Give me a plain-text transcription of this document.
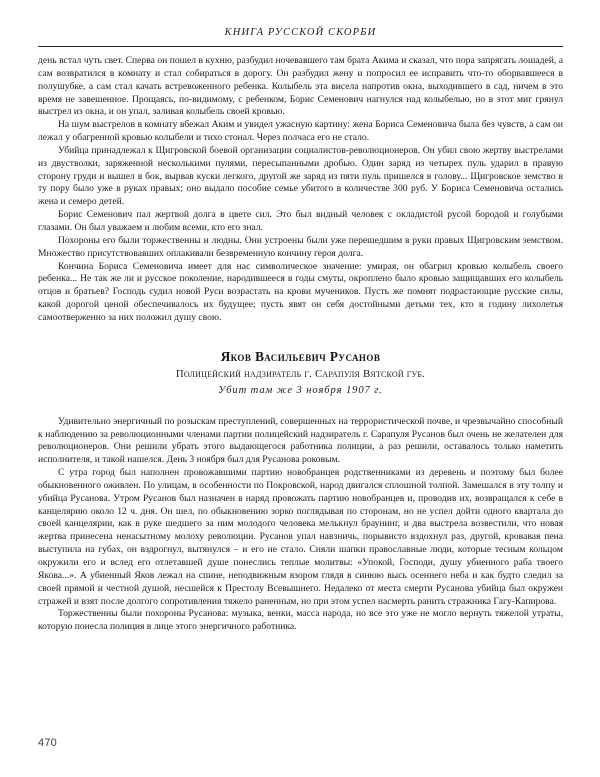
КНИГА РУССКОЙ СКОРБИ

день встал чуть свет. Сперва он пошел в кухню, разбудил ночевавшего там брата Акима и сказал, что пора запрягать лошадей, а сам возвратился в комнату и стал собираться в дорогу. Он разбудил жену и попросил ее исправить что-то оборвавшееся в полушубке, а сам стал качать встревоженного ребенка. Колыбель эта висела напротив окна, выходившего в сад, ничем в это время не завешенное. Прощаясь, по-видимому, с ребенком, Борис Семенович нагнулся над колыбелью, но в этот миг грянул выстрел из окна, и он упал, заливая колыбель своей кровью.

На шум выстрелов в комнату вбежал Аким и увидел ужасную картину: жена Бориса Семеновича была без чувств, а сам он лежал у обагренной кровью колыбели и тихо стонал. Через полчаса его не стало.

Убийца принадлежал к Щигровской боевой организации социалистов-революционеров. Он убил свою жертву выстрелами из двустволки, заряженной несколькими пулями, пересыпанными дробью. Один заряд из четырех пуль ударил в правую сторону груди и вышел в бок, вырвав куски легкого, другой же заряд из пяти пуль пришелся в голову... Щигровское земство в ту пору было уже в руках правых; оно выдало пособие семье убитого в количестве 300 руб. У Бориса Семеновича остались жена и семеро детей.

Борис Семенович пал жертвой долга в цвете сил. Это был видный человек с окладистой русой бородой и голубыми глазами. Он был уважаем и любим всеми, кто его знал.

Похороны его были торжественны и людны. Они устроены были уже перешедшим в руки правых Щигровским земством. Множество присутствовавших оплакивали безвременную кончину героя долга.

Кончина Бориса Семеновича имеет для нас символическое значение: умирая, он обагрил кровью колыбель своего ребенка... Не так же ли и русское поколение, народившееся в годы смуты, окроплено было кровью защищавших его колыбель отцов и братьев? Господь судил новой Руси возрастать на крови мучеников. Пусть же помнят подрастающие русские силы, какой дорогой ценой обеспечивалось их будущее; пусть явят он себя достойными детьми тех, кто в годину лихолетья самоотверженно за них положил душу свою.

Яков Васильевич Русанов
Полицейский надзиратель г. Сарапуля Вятской губ.
Убит там же 3 ноября 1907 г.

Удивительно энергичный по розыскам преступлений, совершенных на террористической почве, и чрезвычайно способный к наблюдению за революционными членами партии полицейский надзиратель г. Сарапуля Русанов был очень не желателен для революционеров. Они решили убрать этого выдающегося работника полиции, а раз решили, оставалось только наметить исполнителя, и такой нашелся. День 3 ноября был для Русанова роковым.

С утра город был наполнен провожавшими партию новобранцев родственниками из деревень и поэтому был более обыкновенного оживлен. По улицам, в особенности по Покровской, народ двигался сплошной толпой. Замешался в эту толпу и убийца Русанова. Утром Русанов был назначен в наряд провожать партию новобранцев и, проводив их, возвращался к себе в канцелярию около 12 ч. дня. Он шел, по обыкновению зорко поглядывая по сторонам, но не успел дойти одного квартала до своей канцелярии, как в руке шедшего за ним молодого человека мелькнул браунинг, и два выстрела возвестили, что новая жертва принесена ненасытному молоху революции. Русанов упал навзничь, порывисто вздохнул раз, другой, кровавая пена выступила на губах, он вздрогнул, вытянулся – и его не стало. Сняли шапки православные люди, которые тесным кольцом окружили его и вслед его отлетавшей душе понеслись теплые молитвы: «Упокой, Господи, душу убиенного раба твоего Якова...». А убиенный Яков лежал на спине, неподвижным взором глядя в синюю высь осеннего неба и как будто следил за своей прямой и честной душой, несшейся к Престолу Всевышнего. Недалеко от места смерти Русанова убийца был окружен стражей и взят после долгого сопротивления тяжело раненным, но при этом успел насмерть ранить стражника Гагу-Капирова.

Торжественны были похороны Русанова: музыка, венки, масса народа, но все это уже не могло вернуть тяжелой утраты, которую понесла полиция в лице этого энергичного работника.

470
